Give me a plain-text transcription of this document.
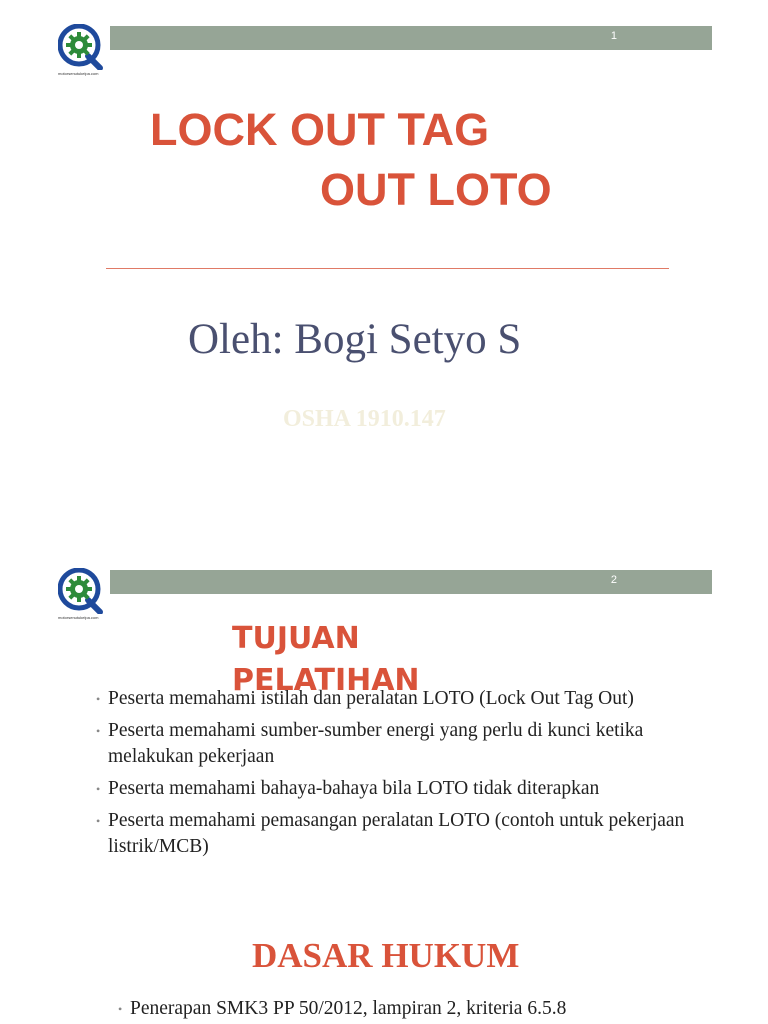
motorsenutukelpa.com
1
LOCK OUT TAG
OUT LOTO
Oleh: Bogi Setyo S
OSHA 1910.147
motorsenutukelpa.com
2
TUJUAN PELATIHAN
• Peserta memahami istilah dan peralatan LOTO (Lock Out Tag Out)
• Peserta memahami sumber-sumber energi yang perlu di kunci ketika melakukan pekerjaan
• Peserta memahami bahaya-bahaya bila LOTO tidak diterapkan
• Peserta memahami pemasangan peralatan LOTO (contoh untuk pekerjaan listrik/MCB)
DASAR HUKUM
• Penerapan SMK3 PP 50/2012, lampiran 2, kriteria 6.5.8
